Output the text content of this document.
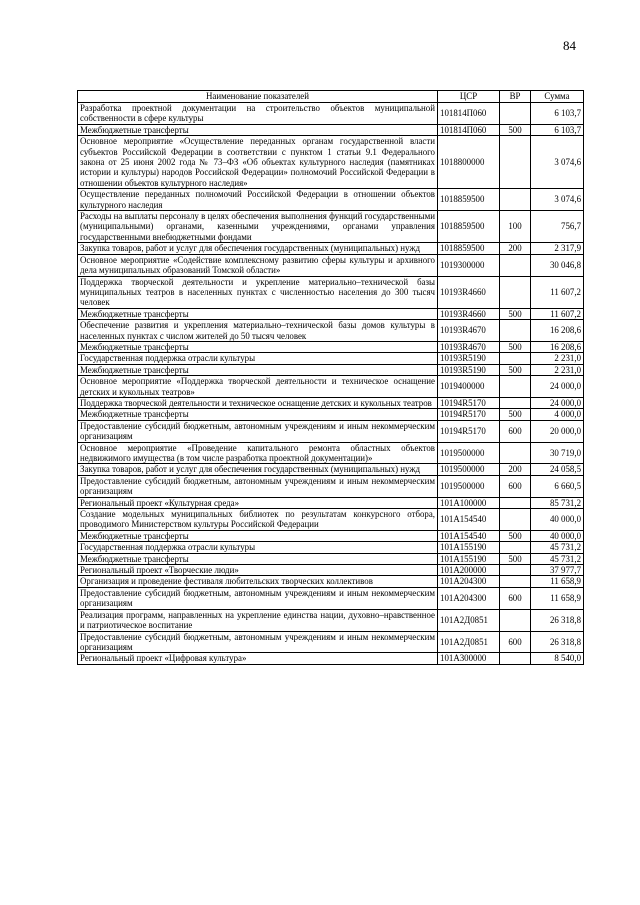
84
Наименование показателей	ЦСР	ВР	Сумма
Разработка проектной документации на строительство объектов муниципальной собственности в сфере культуры	101814П060		6 103,7
Межбюджетные трансферты	101814П060	500	6 103,7
Основное мероприятие «Осуществление переданных органам государственной власти субъектов Российской Федерации в соответствии с пунктом 1 статьи 9.1 Федерального закона от 25 июня 2002 года № 73–ФЗ «Об объектах культурного наследия (памятниках истории и культуры) народов Российской Федерации» полномочий Российской Федерации в отношении объектов культурного наследия»	1018800000		3 074,6
Осуществление переданных полномочий Российской Федерации в отношении объектов культурного наследия	1018859500		3 074,6
Расходы на выплаты персоналу в целях обеспечения выполнения функций государственными (муниципальными) органами, казенными учреждениями, органами управления государственными внебюджетными фондами	1018859500	100	756,7
Закупка товаров, работ и услуг для обеспечения государственных (муниципальных) нужд	1018859500	200	2 317,9
Основное мероприятие «Содействие комплексному развитию сферы культуры и архивного дела муниципальных образований Томской области»	1019300000		30 046,8
Поддержка творческой деятельности и укрепление материально–технической базы муниципальных театров в населенных пунктах с численностью населения до 300 тысяч человек	10193R4660		11 607,2
Межбюджетные трансферты	10193R4660	500	11 607,2
Обеспечение развития и укрепления материально–технической базы домов культуры в населенных пунктах с числом жителей до 50 тысяч человек	10193R4670		16 208,6
Межбюджетные трансферты	10193R4670	500	16 208,6
Государственная поддержка отрасли культуры	10193R5190		2 231,0
Межбюджетные трансферты	10193R5190	500	2 231,0
Основное мероприятие «Поддержка творческой деятельности и техническое оснащение детских и кукольных театров»	1019400000		24 000,0
Поддержка творческой деятельности и техническое оснащение детских и кукольных театров	10194R5170		24 000,0
Межбюджетные трансферты	10194R5170	500	4 000,0
Предоставление субсидий бюджетным, автономным учреждениям и иным некоммерческим организациям	10194R5170	600	20 000,0
Основное мероприятие «Проведение капитального ремонта областных объектов недвижимого имущества (в том числе разработка проектной документации)»	1019500000		30 719,0
Закупка товаров, работ и услуг для обеспечения государственных (муниципальных) нужд	1019500000	200	24 058,5
Предоставление субсидий бюджетным, автономным учреждениям и иным некоммерческим организациям	1019500000	600	6 660,5
Региональный проект «Культурная среда»	101A100000		85 731,2
Создание модельных муниципальных библиотек по результатам конкурсного отбора, проводимого Министерством культуры Российской Федерации	101A154540		40 000,0
Межбюджетные трансферты	101A154540	500	40 000,0
Государственная поддержка отрасли культуры	101A155190		45 731,2
Межбюджетные трансферты	101A155190	500	45 731,2
Региональный проект «Творческие люди»	101A200000		37 977,7
Организация и проведение фестиваля любительских творческих коллективов	101A204300		11 658,9
Предоставление субсидий бюджетным, автономным учреждениям и иным некоммерческим организациям	101A204300	600	11 658,9
Реализация программ, направленных на укрепление единства нации, духовно–нравственное и патриотическое воспитание	101A2Д0851		26 318,8
Предоставление субсидий бюджетным, автономным учреждениям и иным некоммерческим организациям	101A2Д0851	600	26 318,8
Региональный проект «Цифровая культура»	101A300000		8 540,0
